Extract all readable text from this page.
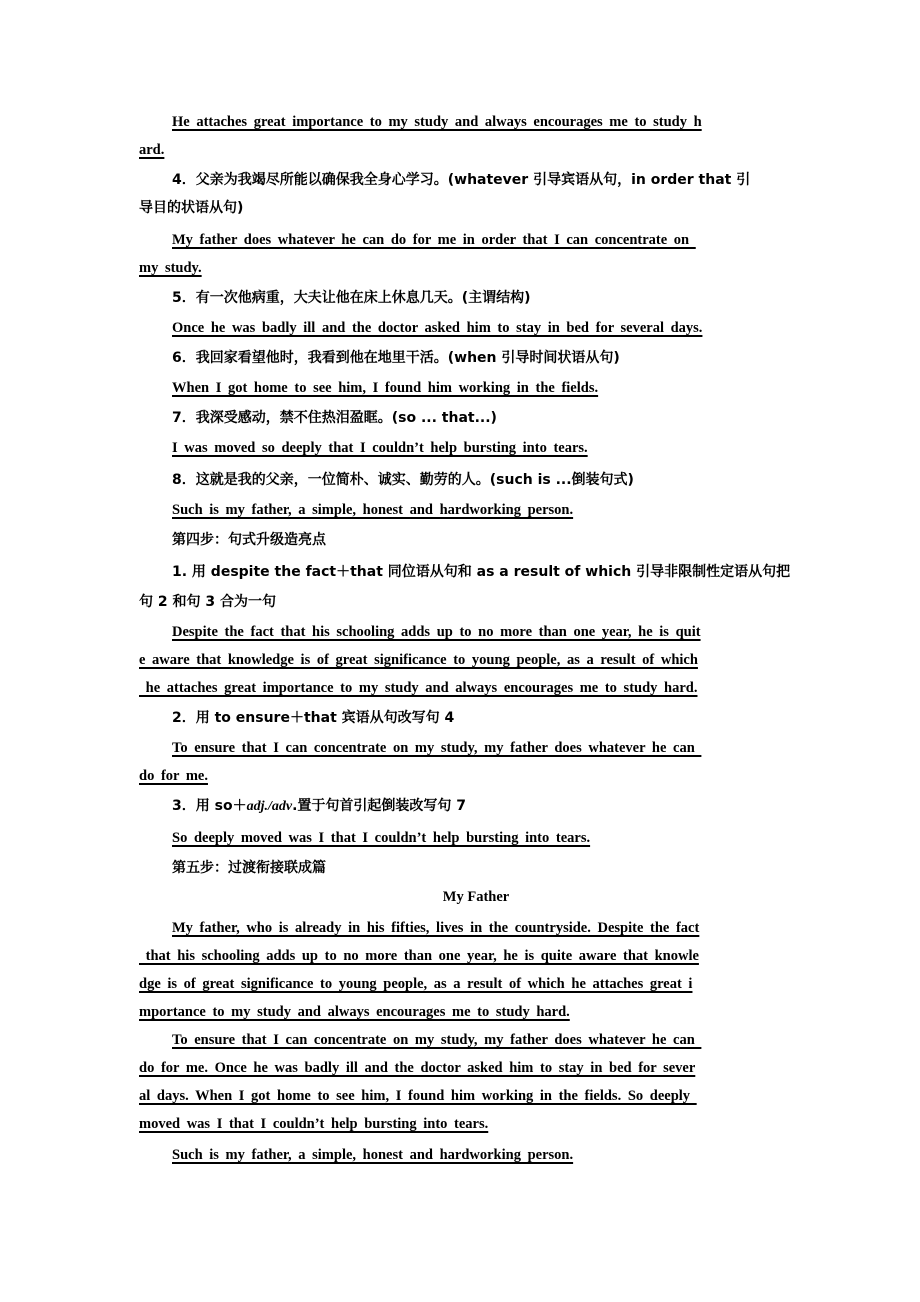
He attaches great importance to my study and always encourages me to study h
ard.
4．父亲为我竭尽所能以确保我全身心学习。(whatever 引导宾语从句，in order that 引
导目的状语从句)
My father does whatever he can do for me in order that I can concentrate on
my study.
5．有一次他病重，大夫让他在床上休息几天。(主谓结构)
Once he was badly ill and the doctor asked him to stay in bed for several days.
6．我回家看望他时，我看到他在地里干活。(when 引导时间状语从句)
When I got home to see him, I found him working in the fields.
7．我深受感动，禁不住热泪盈眶。(so ... that...)
I was moved so deeply that I couldn’t help bursting into tears.
8．这就是我的父亲，一位简朴、诚实、勤劳的人。(such is ...倒装句式)
Such is my father, a simple, honest and hardworking person.
第四步：句式升级造亮点
1. 用 despite the fact＋that 同位语从句和 as a result of which 引导非限制性定语从句把
句 2 和句 3 合为一句
Despite the fact that his schooling adds up to no more than one year, he is quit
e aware that knowledge is of great significance to young people, as a result of which
he attaches great importance to my study and always encourages me to study hard.
2．用 to ensure＋that 宾语从句改写句 4
To ensure that I can concentrate on my study, my father does whatever he can
do for me.
3．用 so＋adj./adv.置于句首引起倒装改写句 7
So deeply moved was I that I couldn’t help bursting into tears.
第五步：过渡衔接联成篇
My Father
My father, who is already in his fifties, lives in the countryside. Despite the fact
that his schooling adds up to no more than one year, he is quite aware that knowle
dge is of great significance to young people, as a result of which he attaches great i
mportance to my study and always encourages me to study hard.
To ensure that I can concentrate on my study, my father does whatever he can
do for me. Once he was badly ill and the doctor asked him to stay in bed for sever
al days. When I got home to see him, I found him working in the fields. So deeply
moved was I that I couldn’t help bursting into tears.
Such is my father, a simple, honest and hardworking person.
